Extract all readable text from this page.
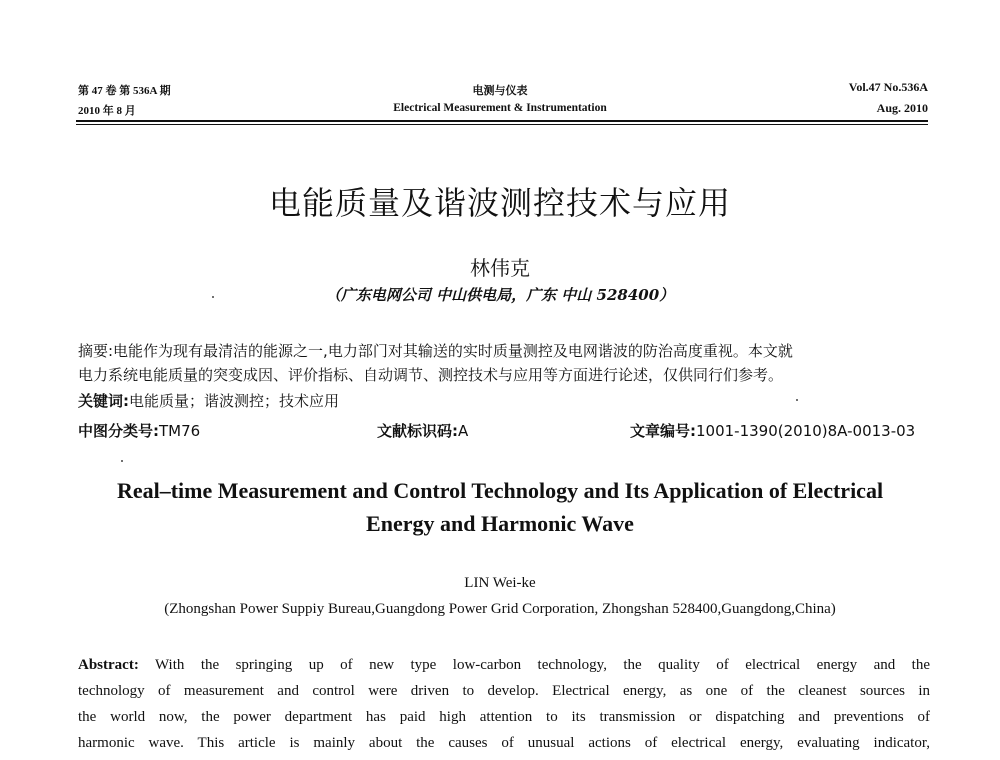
第 47 卷 第 536A 期
2010 年 8 月
电测与仪表
Electrical Measurement & Instrumentation
Vol.47 No.536A
Aug. 2010
电能质量及谐波测控技术与应用
林伟克
（广东电网公司 中山供电局，广东 中山 528400）
摘要:电能作为现有最清洁的能源之一,电力部门对其输送的实时质量测控及电网谐波的防治高度重视。本文就
电力系统电能质量的突变成因、评价指标、自动调节、测控技术与应用等方面进行论述，仅供同行们参考。
关键词:电能质量；谐波测控；技术应用
中图分类号:TM76	文献标识码:A	文章编号:1001-1390(2010)8A-0013-03
Real–time Measurement and Control Technology and Its Application of Electrical
Energy and Harmonic Wave
LIN Wei-ke
(Zhongshan Power Suppiy Bureau,Guangdong Power Grid Corporation, Zhongshan 528400,Guangdong,China)
Abstract: With the springing up of new type low-carbon technology, the quality of electrical energy and the
technology of measurement and control were driven to develop. Electrical energy, as one of the cleanest sources in
the world now, the power department has paid high attention to its transmission or dispatching and preventions of
harmonic wave. This article is mainly about the causes of unusual actions of electrical energy, evaluating indicator,
